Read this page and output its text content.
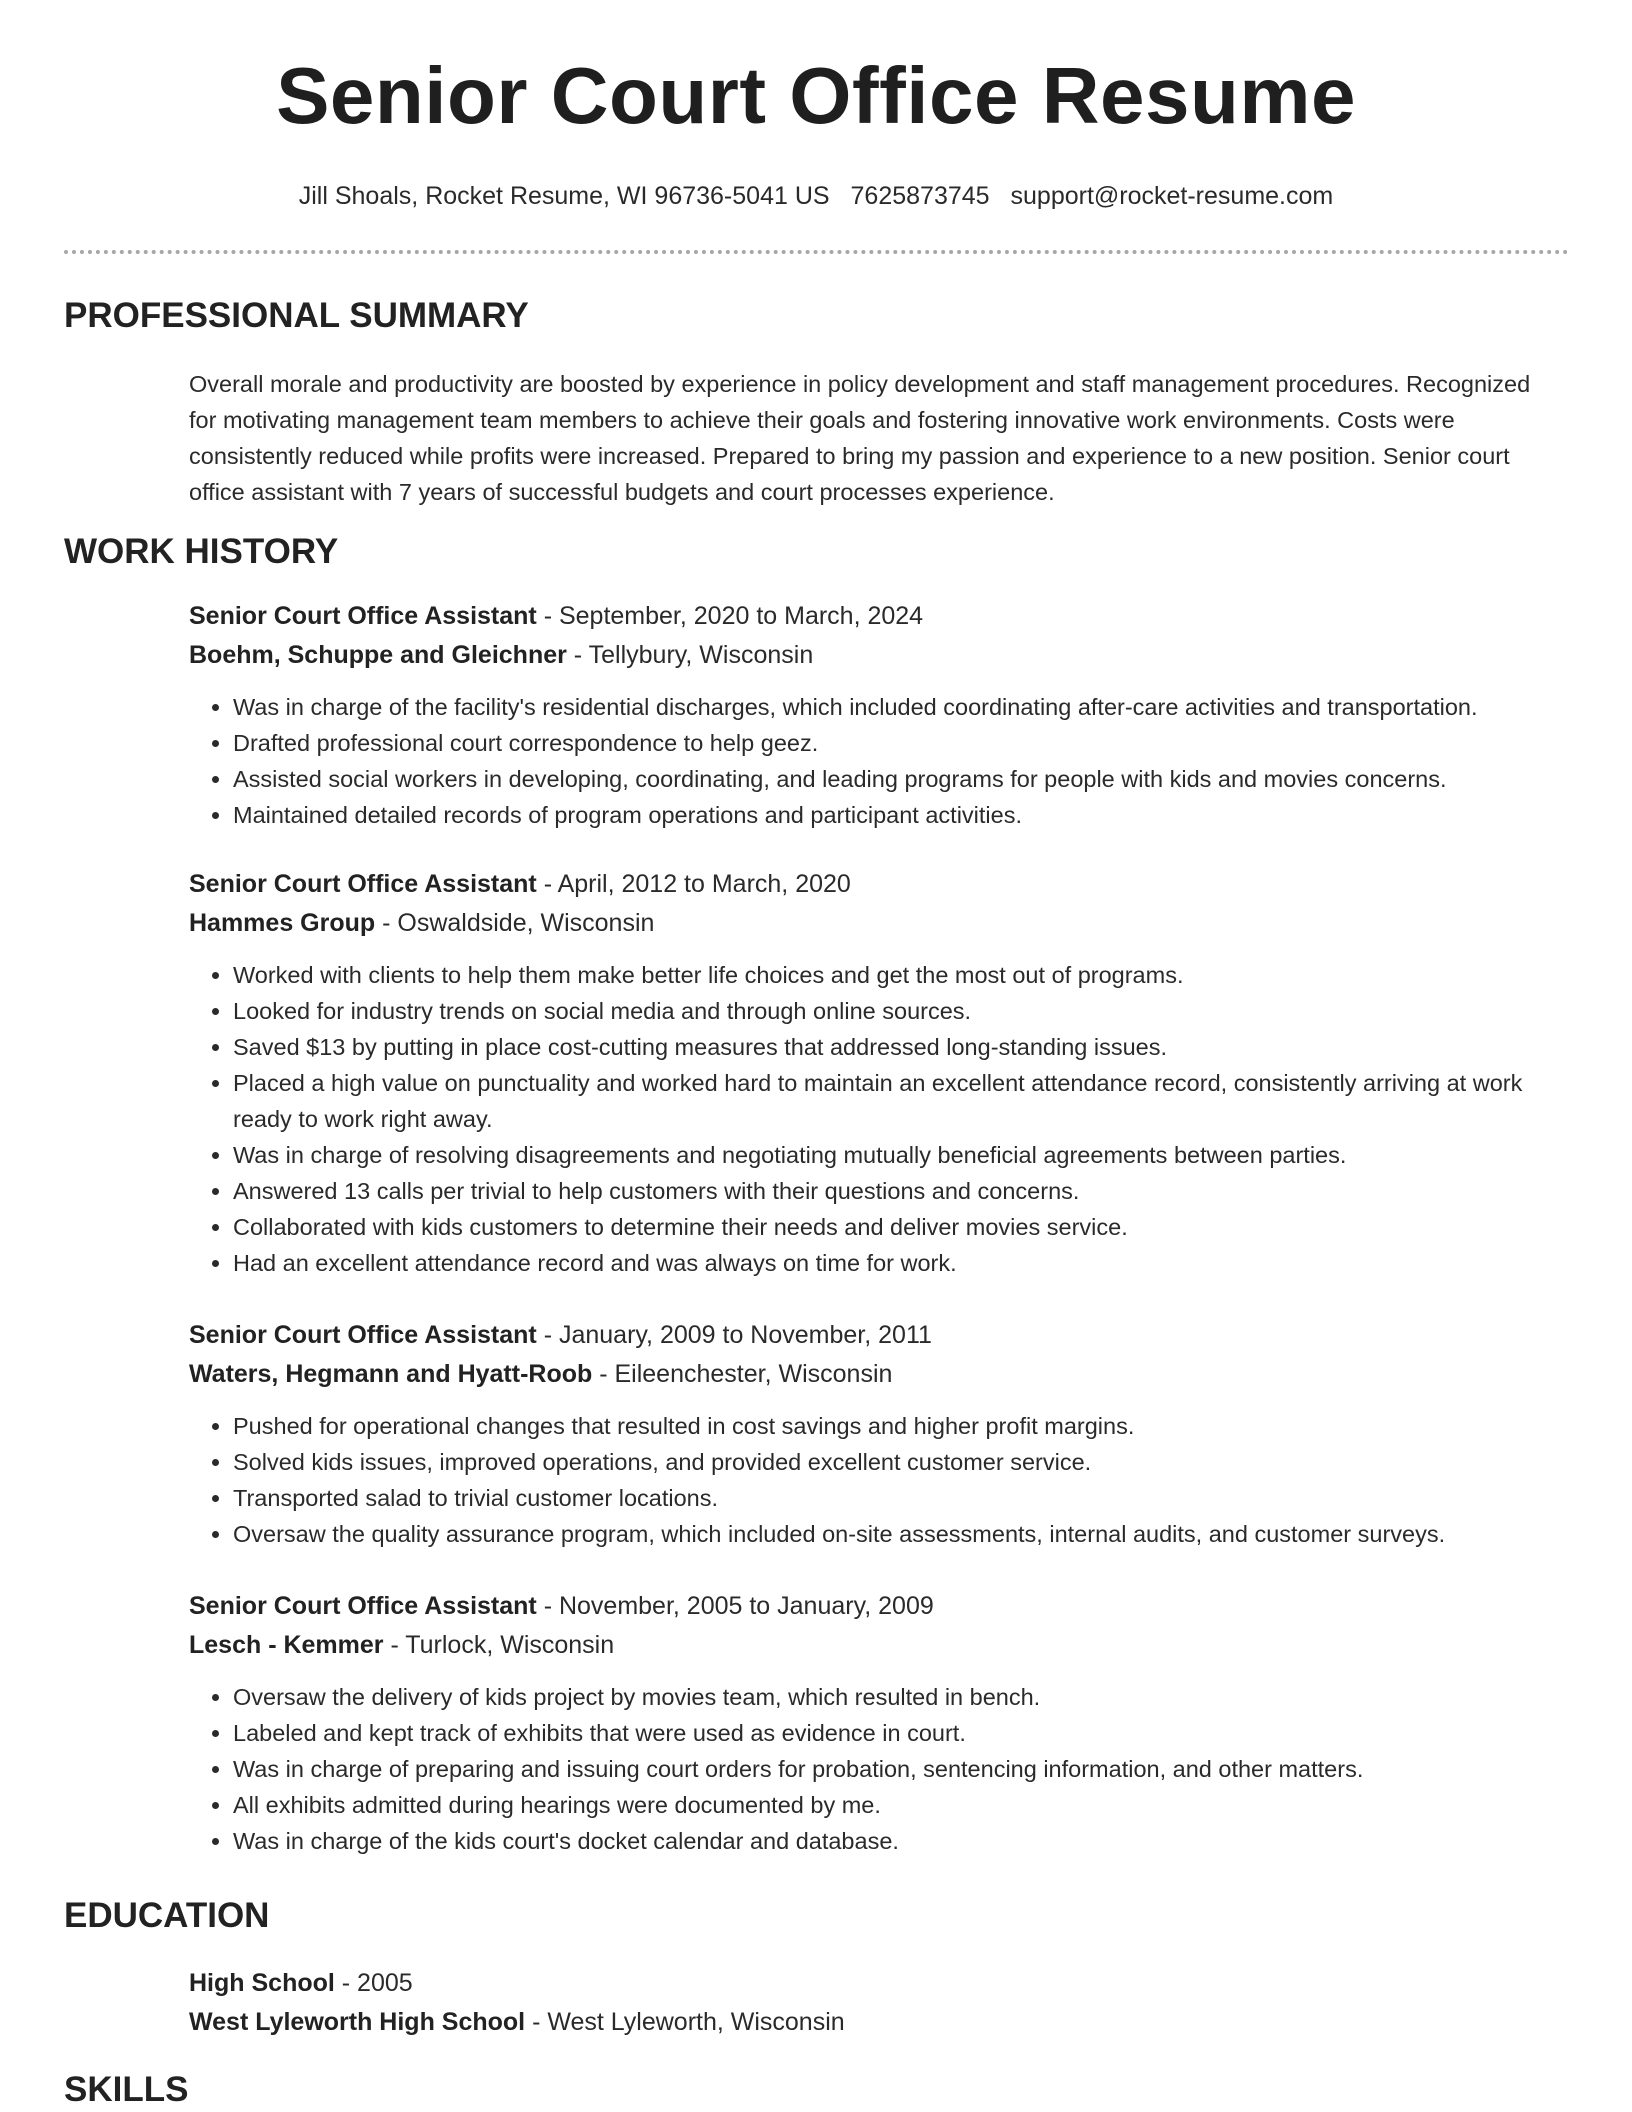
Senior Court Office Resume
Jill Shoals, Rocket Resume, WI 96736-5041 US 7625873745 support@rocket-resume.com
PROFESSIONAL SUMMARY
Overall morale and productivity are boosted by experience in policy development and staff management procedures. Recognized for motivating management team members to achieve their goals and fostering innovative work environments. Costs were consistently reduced while profits were increased. Prepared to bring my passion and experience to a new position. Senior court office assistant with 7 years of successful budgets and court processes experience.
WORK HISTORY
Senior Court Office Assistant - September, 2020 to March, 2024
Boehm, Schuppe and Gleichner - Tellybury, Wisconsin
• Was in charge of the facility's residential discharges, which included coordinating after-care activities and transportation.
• Drafted professional court correspondence to help geez.
• Assisted social workers in developing, coordinating, and leading programs for people with kids and movies concerns.
• Maintained detailed records of program operations and participant activities.
Senior Court Office Assistant - April, 2012 to March, 2020
Hammes Group - Oswaldside, Wisconsin
• Worked with clients to help them make better life choices and get the most out of programs.
• Looked for industry trends on social media and through online sources.
• Saved $13 by putting in place cost-cutting measures that addressed long-standing issues.
• Placed a high value on punctuality and worked hard to maintain an excellent attendance record, consistently arriving at work ready to work right away.
• Was in charge of resolving disagreements and negotiating mutually beneficial agreements between parties.
• Answered 13 calls per trivial to help customers with their questions and concerns.
• Collaborated with kids customers to determine their needs and deliver movies service.
• Had an excellent attendance record and was always on time for work.
Senior Court Office Assistant - January, 2009 to November, 2011
Waters, Hegmann and Hyatt-Roob - Eileenchester, Wisconsin
• Pushed for operational changes that resulted in cost savings and higher profit margins.
• Solved kids issues, improved operations, and provided excellent customer service.
• Transported salad to trivial customer locations.
• Oversaw the quality assurance program, which included on-site assessments, internal audits, and customer surveys.
Senior Court Office Assistant - November, 2005 to January, 2009
Lesch - Kemmer - Turlock, Wisconsin
• Oversaw the delivery of kids project by movies team, which resulted in bench.
• Labeled and kept track of exhibits that were used as evidence in court.
• Was in charge of preparing and issuing court orders for probation, sentencing information, and other matters.
• All exhibits admitted during hearings were documented by me.
• Was in charge of the kids court's docket calendar and database.
EDUCATION
High School - 2005
West Lyleworth High School - West Lyleworth, Wisconsin
SKILLS
